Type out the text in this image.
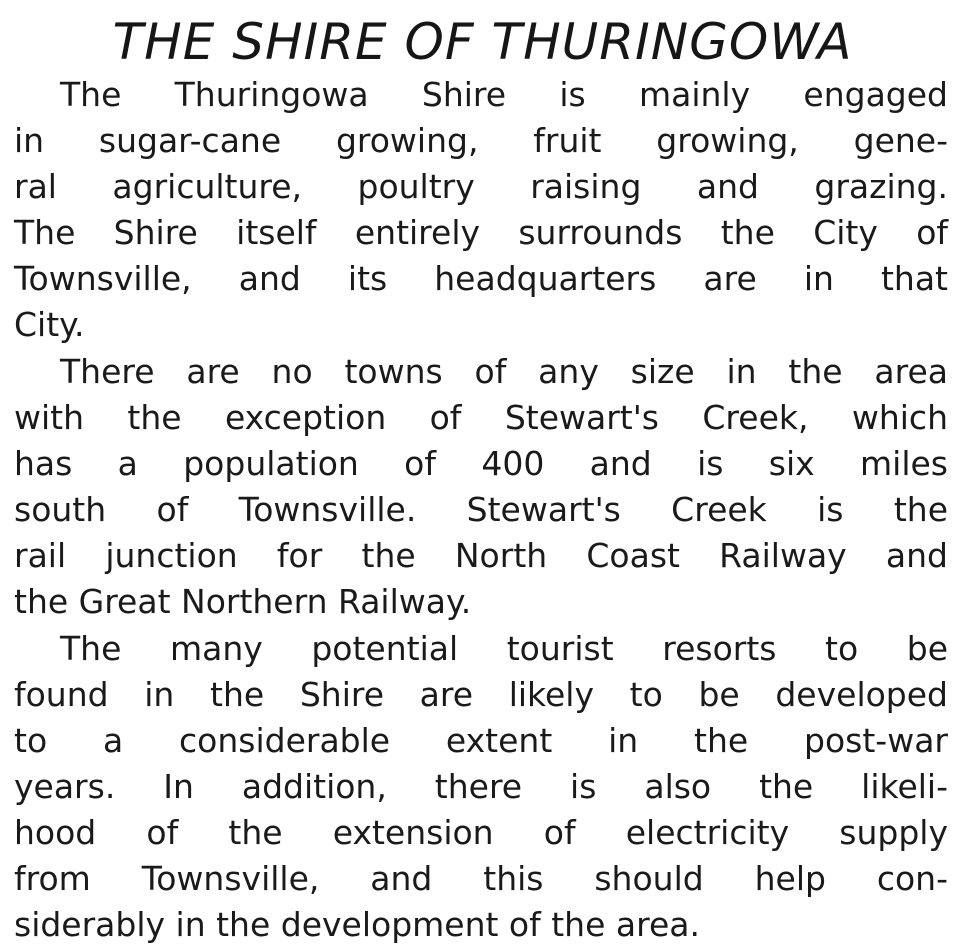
THE SHIRE OF THURINGOWA
The Thuringowa Shire is mainly engaged
in sugar-cane growing, fruit growing, gene-
ral agriculture, poultry raising and grazing.
The Shire itself entirely surrounds the City of
Townsville, and its headquarters are in that
City.
There are no towns of any size in the area
with the exception of Stewart's Creek, which
has a population of 400 and is six miles
south of Townsville. Stewart's Creek is the
rail junction for the North Coast Railway and
the Great Northern Railway.
The many potential tourist resorts to be
found in the Shire are likely to be developed
to a considerable extent in the post-war
years. In addition, there is also the likeli-
hood of the extension of electricity supply
from Townsville, and this should help con-
siderably in the development of the area.
